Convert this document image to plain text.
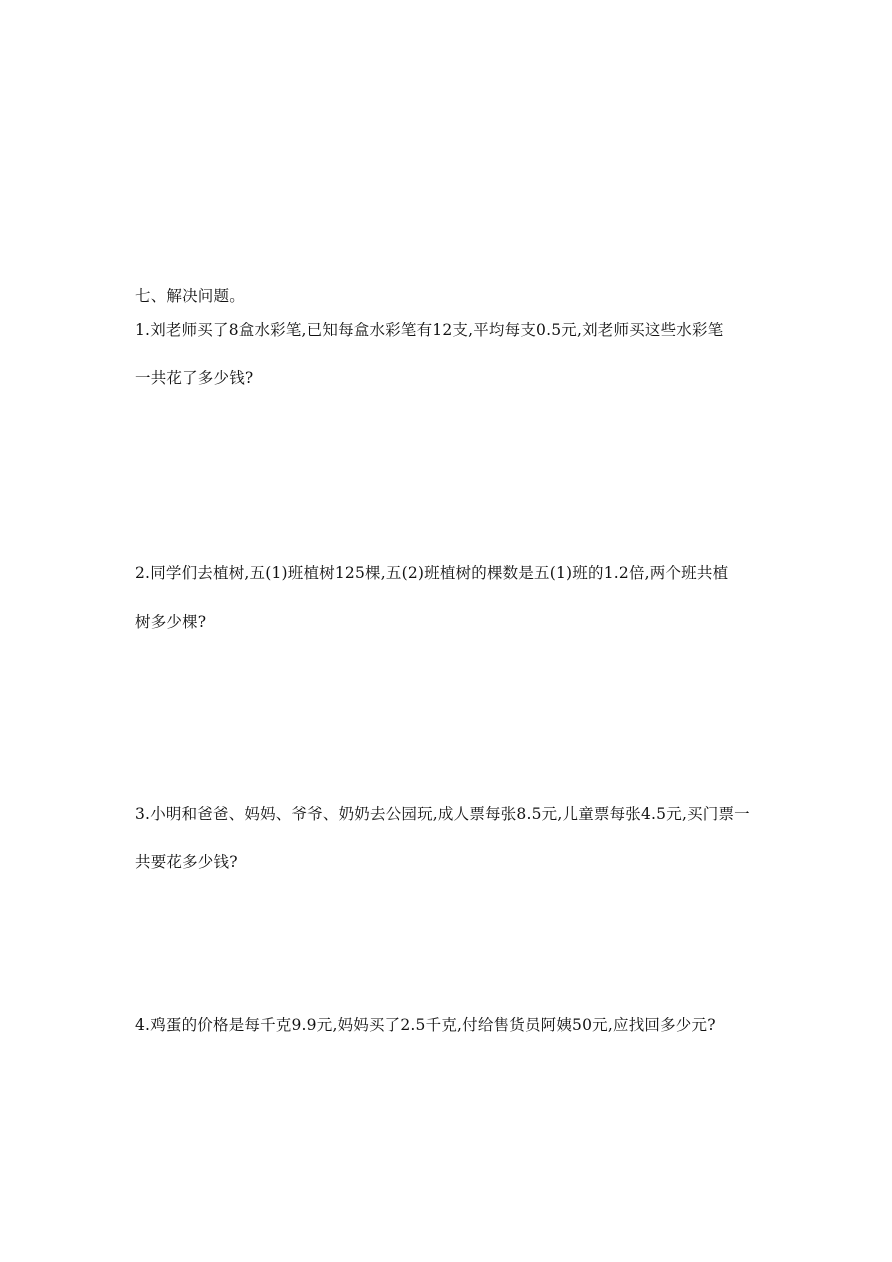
七、解决问题。
1.刘老师买了8盒水彩笔,已知每盒水彩笔有12支,平均每支0.5元,刘老师买这些水彩笔
一共花了多少钱?
2.同学们去植树,五(1)班植树125棵,五(2)班植树的棵数是五(1)班的1.2倍,两个班共植
树多少棵?
3.小明和爸爸、妈妈、爷爷、奶奶去公园玩,成人票每张8.5元,儿童票每张4.5元,买门票一
共要花多少钱?
4.鸡蛋的价格是每千克9.9元,妈妈买了2.5千克,付给售货员阿姨50元,应找回多少元?
